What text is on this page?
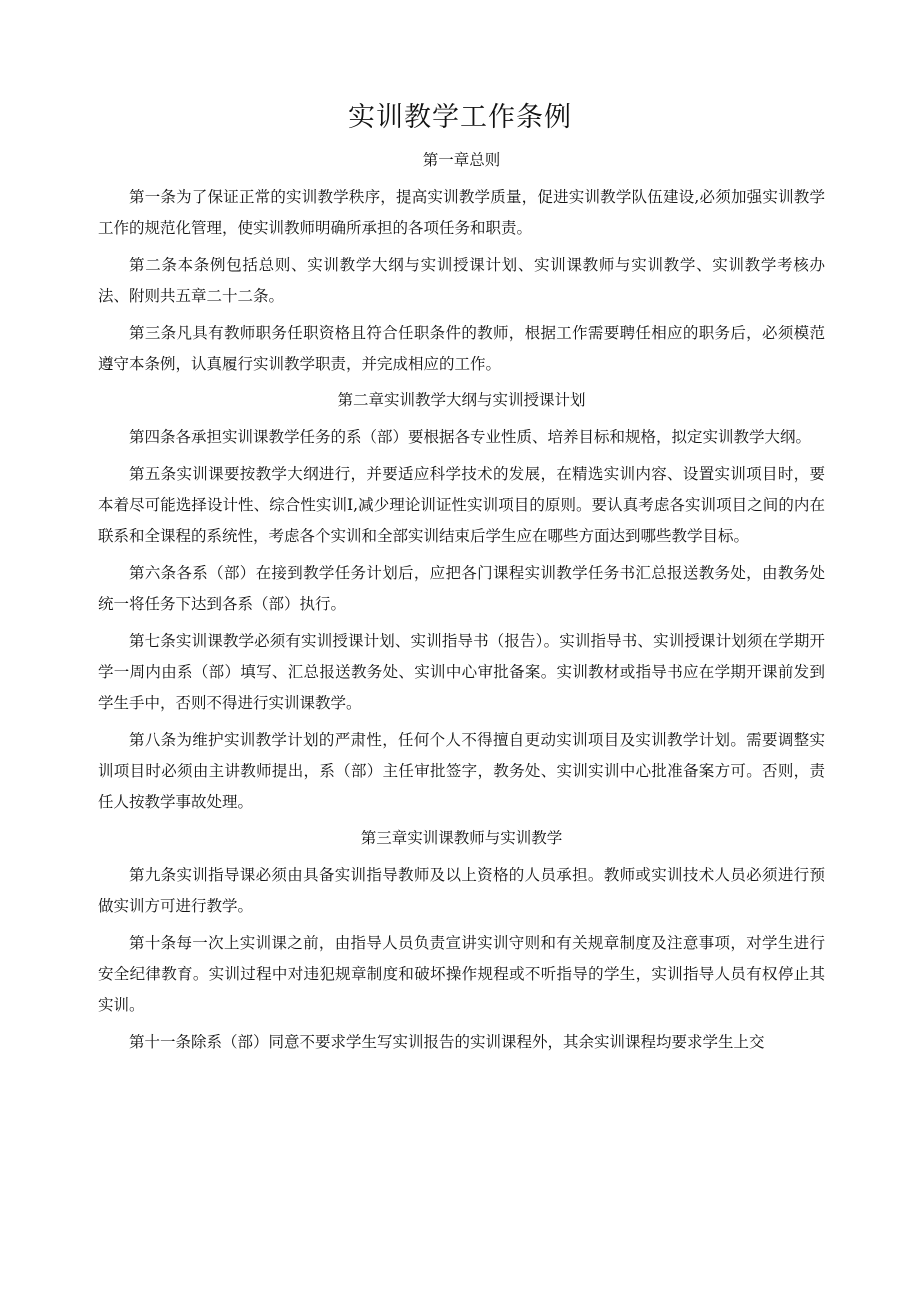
实训教学工作条例
第一章总则
第一条为了保证正常的实训教学秩序，提高实训教学质量，促进实训教学队伍建设,必须加强实训教学工作的规范化管理，使实训教师明确所承担的各项任务和职责。
第二条本条例包括总则、实训教学大纲与实训授课计划、实训课教师与实训教学、实训教学考核办法、附则共五章二十二条。
第三条凡具有教师职务任职资格且符合任职条件的教师，根据工作需要聘任相应的职务后，必须模范遵守本条例，认真履行实训教学职责，并完成相应的工作。
第二章实训教学大纲与实训授课计划
第四条各承担实训课教学任务的系（部）要根据各专业性质、培养目标和规格，拟定实训教学大纲。
第五条实训课要按教学大纲进行，并要适应科学技术的发展，在精选实训内容、设置实训项目时，要本着尽可能选择设计性、综合性实训I,减少理论训证性实训项目的原则。要认真考虑各实训项目之间的内在联系和全课程的系统性，考虑各个实训和全部实训结束后学生应在哪些方面达到哪些教学目标。
第六条各系（部）在接到教学任务计划后，应把各门课程实训教学任务书汇总报送教务处，由教务处统一将任务下达到各系（部）执行。
第七条实训课教学必须有实训授课计划、实训指导书（报告）。实训指导书、实训授课计划须在学期开学一周内由系（部）填写、汇总报送教务处、实训中心审批备案。实训教材或指导书应在学期开课前发到学生手中，否则不得进行实训课教学。
第八条为维护实训教学计划的严肃性，任何个人不得擅自更动实训项目及实训教学计划。需要调整实训项目时必须由主讲教师提出，系（部）主任审批签字，教务处、实训实训中心批准备案方可。否则，责任人按教学事故处理。
第三章实训课教师与实训教学
第九条实训指导课必须由具备实训指导教师及以上资格的人员承担。教师或实训技术人员必须进行预做实训方可进行教学。
第十条每一次上实训课之前，由指导人员负责宣讲实训守则和有关规章制度及注意事项，对学生进行安全纪律教育。实训过程中对违犯规章制度和破坏操作规程或不听指导的学生，实训指导人员有权停止其实训。
第十一条除系（部）同意不要求学生写实训报告的实训课程外，其余实训课程均要求学生上交
